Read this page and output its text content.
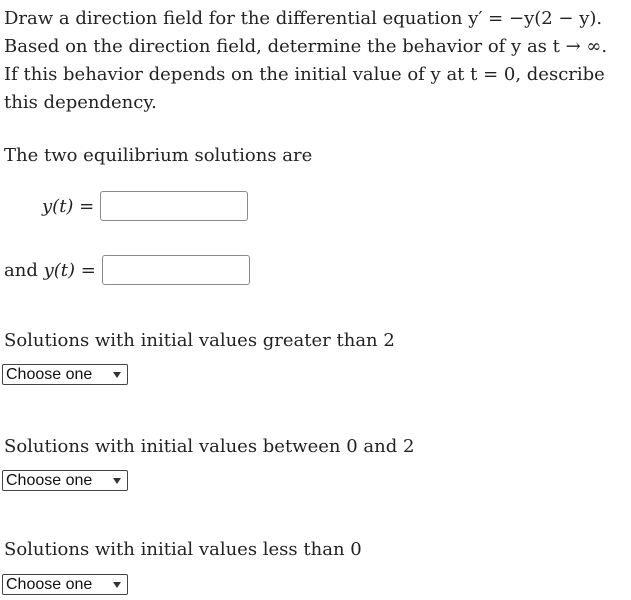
Draw a direction field for the differential equation y′ = −y(2 − y).
Based on the direction field, determine the behavior of y as t → ∞.
If this behavior depends on the initial value of y at t = 0, describe
this dependency.
The two equilibrium solutions are
y(t) =
and
y(t) =
Solutions with initial values greater than 2
Choose one
Solutions with initial values between 0 and 2
Choose one
Solutions with initial values less than 0
Choose one
